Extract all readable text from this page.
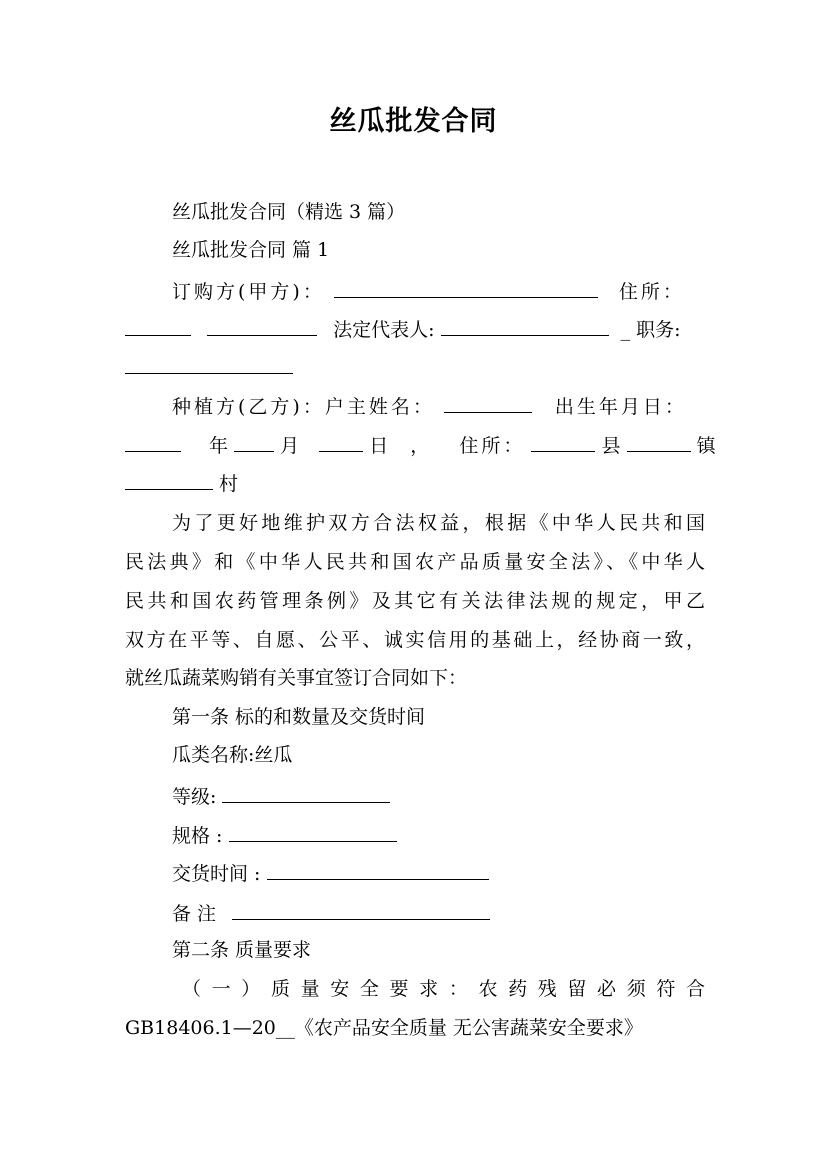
丝瓜批发合同
丝瓜批发合同（精选 3 篇）
丝瓜批发合同 篇 1
订购方(甲方)：	住所：
法定代表人:	_ 职务:
种植方(乙方)：户主姓名：	出生年月日：
年	月	日 ， 住所：	县	镇
村
为了更好地维护双方合法权益，根据《中华人民共和国
民法典》和《中华人民共和国农产品质量安全法》、《中华人
民共和国农药管理条例》及其它有关法律法规的规定，甲乙
双方在平等、自愿、公平、诚实信用的基础上，经协商一致，
就丝瓜蔬菜购销有关事宜签订合同如下：
第一条 标的和数量及交货时间
瓜类名称:丝瓜
等级:
规格 :
交货时间 :
备 注
第二条 质量要求
（一）质量安全要求：农药残留必须符合
GB18406.1—20__《农产品安全质量 无公害蔬菜安全要求》
